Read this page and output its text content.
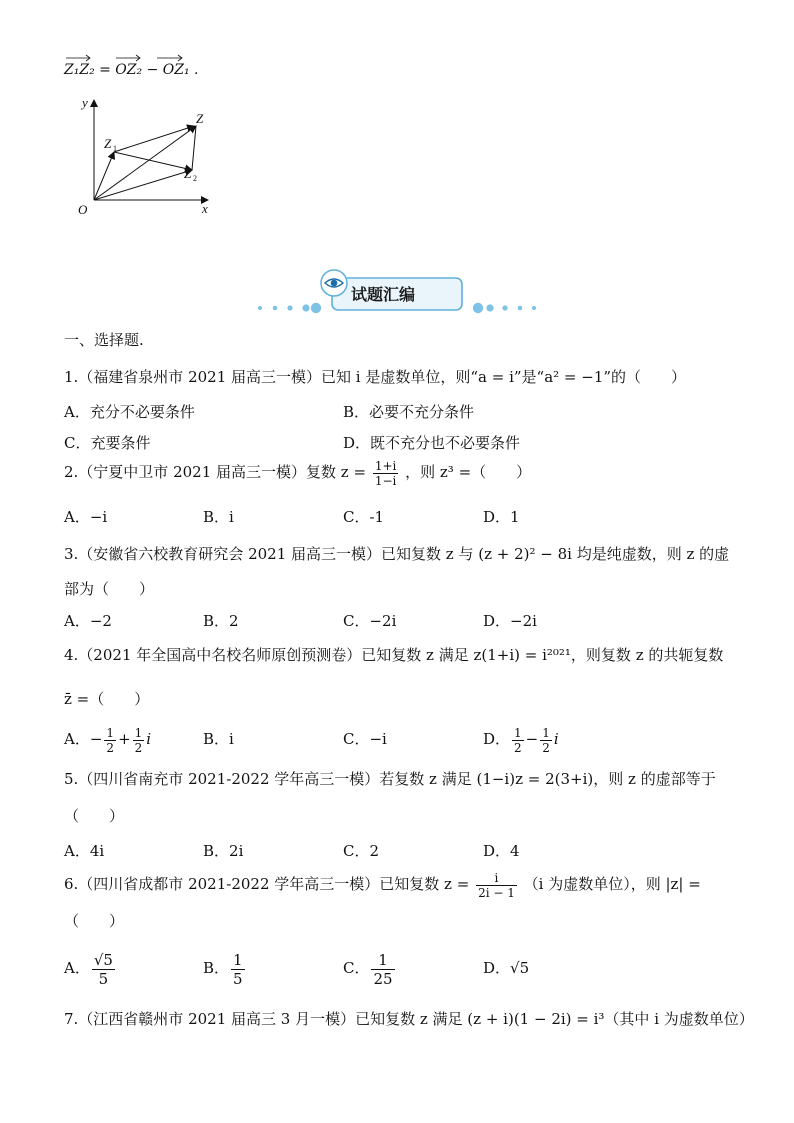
Z₁Z₂ = OZ₂ − OZ₁ .
y
x
O
Z
Z 1
Z 2
试题汇编
一、选择题.
1.（福建省泉州市 2021 届高三一模）已知 i 是虚数单位，则“a = i”是“a² = −1”的（　　）
A．充分不必要条件	B．必要不充分条件
C．充要条件	D．既不充分也不必要条件
2.（宁夏中卫市 2021 届高三一模）复数 $z = \frac{1+i}{1-i}$ ，则 z³ =（　　）
A．−i	B．i	C．-1	D．1
3.（安徽省六校教育研究会 2021 届高三一模）已知复数 z 与 (z + 2)² − 8i 均是纯虚数，则 z 的虚
部为（　　）
A．−2	B．2	C．−2i	D．−2i
4.（2021 年全国高中名校名师原创预测卷）已知复数 z 满足 z(1+i) = i²⁰²¹，则复数 z 的共轭复数
z̄ =（　　）
A．− $\frac{1}{2} + \frac{1}{2}$ i	B．i	C．−i	D． $\frac{1}{2} - \frac{1}{2}$ i
5.（四川省南充市 2021-2022 学年高三一模）若复数 z 满足 (1−i)z = 2(3+i)，则 z 的虚部等于
（　　）
A．4i	B．2i	C．2	D．4
6.（四川省成都市 2021-2022 学年高三一模）已知复数 $z = \frac{i}{2i - 1} (i$ 为虚数单位），则 |z| =
（　　）
A． $\frac{√5}{5}$	B． $\frac{1}{5}$	C． $\frac{1}{25}$	D．√5
7.（江西省赣州市 2021 届高三 3 月一模）已知复数 z 满足 (z + i)(1 − 2i) = i³（其中 i 为虚数单位）
